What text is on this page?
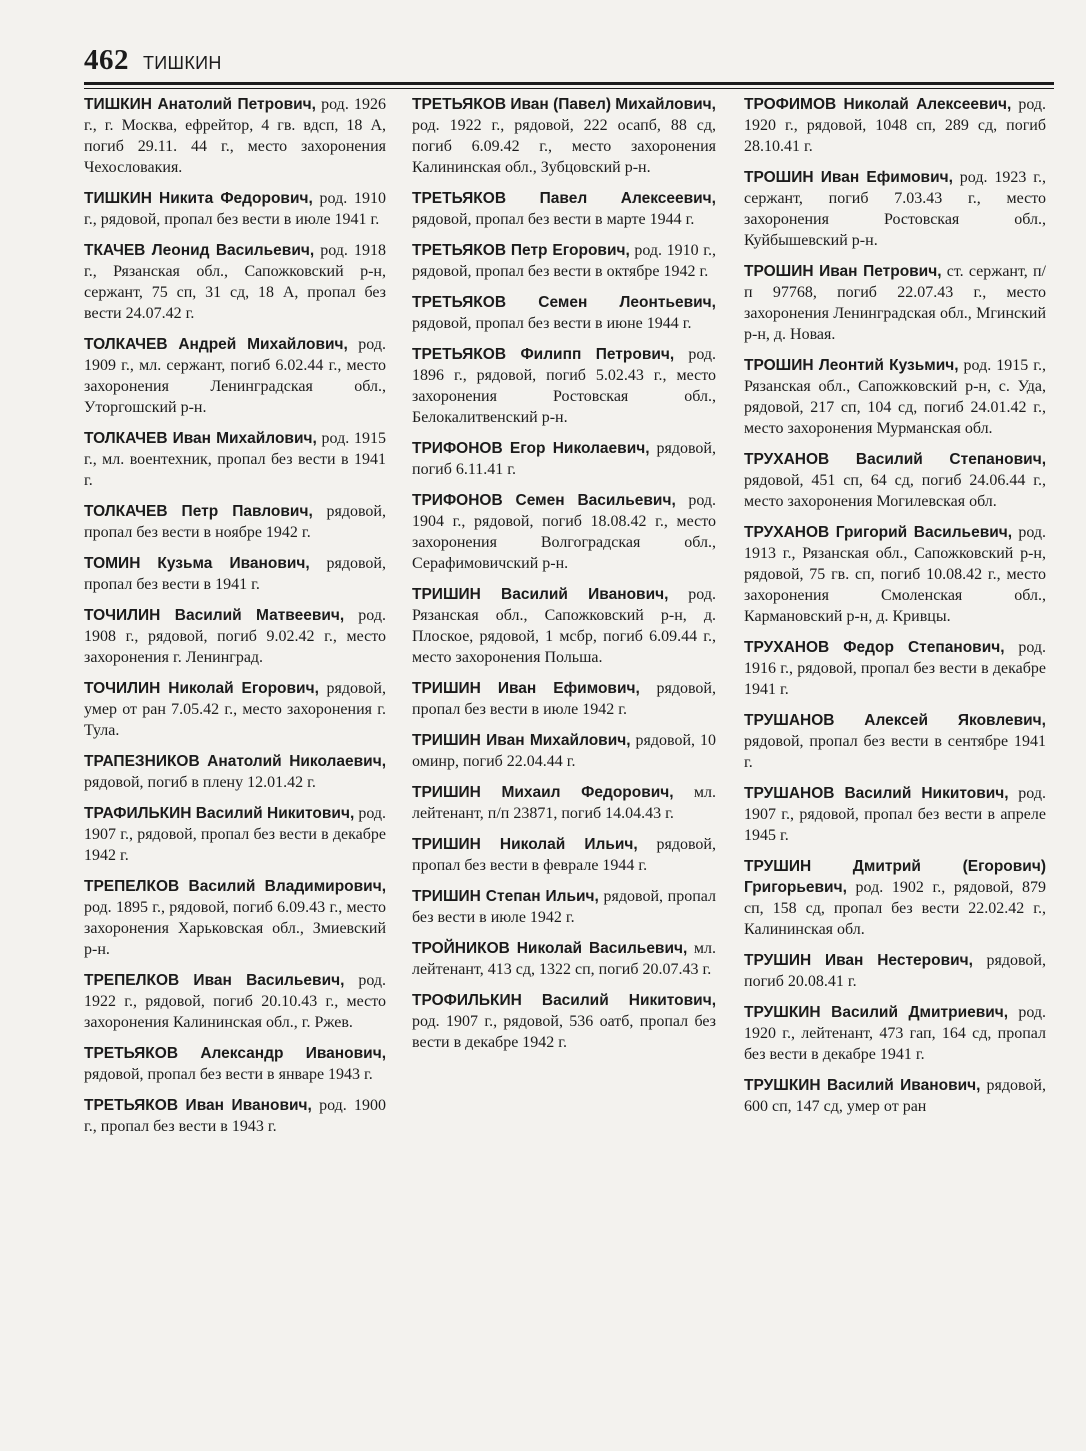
462 ТИШКИН

ТИШКИН Анатолий Петрович, род. 1926 г., г. Москва, ефрейтор, 4 гв. вдсп, 18 А, погиб 29.11. 44 г., место захоронения Чехословакия.

ТИШКИН Никита Федорович, род. 1910 г., рядовой, пропал без вести в июле 1941 г.

ТКАЧЕВ Леонид Васильевич, род. 1918 г., Рязанская обл., Сапожковский р-н, сержант, 75 сп, 31 сд, 18 А, пропал без вести 24.07.42 г.

ТОЛКАЧЕВ Андрей Михайлович, род. 1909 г., мл. сержант, погиб 6.02.44 г., место захоронения Ленинградская обл., Уторгошский р-н.

ТОЛКАЧЕВ Иван Михайлович, род. 1915 г., мл. воентехник, пропал без вести в 1941 г.

ТОЛКАЧЕВ Петр Павлович, рядовой, пропал без вести в ноябре 1942 г.

ТОМИН Кузьма Иванович, рядовой, пропал без вести в 1941 г.

ТОЧИЛИН Василий Матвеевич, род. 1908 г., рядовой, погиб 9.02.42 г., место захоронения г. Ленинград.

ТОЧИЛИН Николай Егорович, рядовой, умер от ран 7.05.42 г., место захоронения г. Тула.

ТРАПЕЗНИКОВ Анатолий Николаевич, рядовой, погиб в плену 12.01.42 г.

ТРАФИЛЬКИН Василий Никитович, род. 1907 г., рядовой, пропал без вести в декабре 1942 г.

ТРЕПЕЛКОВ Василий Владимирович, род. 1895 г., рядовой, погиб 6.09.43 г., место захоронения Харьковская обл., Змиевский р-н.

ТРЕПЕЛКОВ Иван Васильевич, род. 1922 г., рядовой, погиб 20.10.43 г., место захоронения Калининская обл., г. Ржев.

ТРЕТЬЯКОВ Александр Иванович, рядовой, пропал без вести в январе 1943 г.

ТРЕТЬЯКОВ Иван Иванович, род. 1900 г., пропал без вести в 1943 г.

ТРЕТЬЯКОВ Иван (Павел) Михайлович, род. 1922 г., рядовой, 222 осапб, 88 сд, погиб 6.09.42 г., место захоронения Калининская обл., Зубцовский р-н.

ТРЕТЬЯКОВ Павел Алексеевич, рядовой, пропал без вести в марте 1944 г.

ТРЕТЬЯКОВ Петр Егорович, род. 1910 г., рядовой, пропал без вести в октябре 1942 г.

ТРЕТЬЯКОВ Семен Леонтьевич, рядовой, пропал без вести в июне 1944 г.

ТРЕТЬЯКОВ Филипп Петрович, род. 1896 г., рядовой, погиб 5.02.43 г., место захоронения Ростовская обл., Белокалитвенский р-н.

ТРИФОНОВ Егор Николаевич, рядовой, погиб 6.11.41 г.

ТРИФОНОВ Семен Васильевич, род. 1904 г., рядовой, погиб 18.08.42 г., место захоронения Волгоградская обл., Серафимовичский р-н.

ТРИШИН Василий Иванович, род. Рязанская обл., Сапожковский р-н, д. Плоское, рядовой, 1 мсбр, погиб 6.09.44 г., место захоронения Польша.

ТРИШИН Иван Ефимович, рядовой, пропал без вести в июле 1942 г.

ТРИШИН Иван Михайлович, рядовой, 10 оминр, погиб 22.04.44 г.

ТРИШИН Михаил Федорович, мл. лейтенант, п/п 23871, погиб 14.04.43 г.

ТРИШИН Николай Ильич, рядовой, пропал без вести в феврале 1944 г.

ТРИШИН Степан Ильич, рядовой, пропал без вести в июле 1942 г.

ТРОЙНИКОВ Николай Васильевич, мл. лейтенант, 413 сд, 1322 сп, погиб 20.07.43 г.

ТРОФИЛЬКИН Василий Никитович, род. 1907 г., рядовой, 536 оатб, пропал без вести в декабре 1942 г.

ТРОФИМОВ Николай Алексеевич, род. 1920 г., рядовой, 1048 сп, 289 сд, погиб 28.10.41 г.

ТРОШИН Иван Ефимович, род. 1923 г., сержант, погиб 7.03.43 г., место захоронения Ростовская обл., Куйбышевский р-н.

ТРОШИН Иван Петрович, ст. сержант, п/п 97768, погиб 22.07.43 г., место захоронения Ленинградская обл., Мгинский р-н, д. Новая.

ТРОШИН Леонтий Кузьмич, род. 1915 г., Рязанская обл., Сапожковский р-н, с. Уда, рядовой, 217 сп, 104 сд, погиб 24.01.42 г., место захоронения Мурманская обл.

ТРУХАНОВ Василий Степанович, рядовой, 451 сп, 64 сд, погиб 24.06.44 г., место захоронения Могилевская обл.

ТРУХАНОВ Григорий Васильевич, род. 1913 г., Рязанская обл., Сапожковский р-н, рядовой, 75 гв. сп, погиб 10.08.42 г., место захоронения Смоленская обл., Кармановский р-н, д. Кривцы.

ТРУХАНОВ Федор Степанович, род. 1916 г., рядовой, пропал без вести в декабре 1941 г.

ТРУШАНОВ Алексей Яковлевич, рядовой, пропал без вести в сентябре 1941 г.

ТРУШАНОВ Василий Никитович, род. 1907 г., рядовой, пропал без вести в апреле 1945 г.

ТРУШИН Дмитрий (Егорович) Григорьевич, род. 1902 г., рядовой, 879 сп, 158 сд, пропал без вести 22.02.42 г., Калининская обл.

ТРУШИН Иван Нестерович, рядовой, погиб 20.08.41 г.

ТРУШКИН Василий Дмитриевич, род. 1920 г., лейтенант, 473 гап, 164 сд, пропал без вести в декабре 1941 г.

ТРУШКИН Василий Иванович, рядовой, 600 сп, 147 сд, умер от ран
